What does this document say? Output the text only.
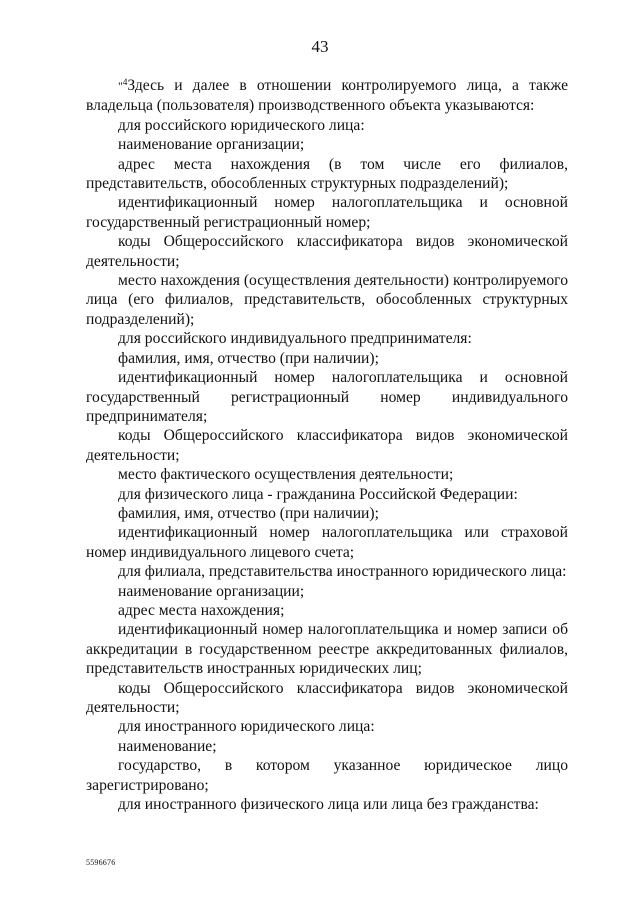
43

"$^4$Здесь и далее в отношении контролируемого лица, а также владельца (пользователя) производственного объекта указываются:

для российского юридического лица:

наименование организации;

адрес места нахождения (в том числе его филиалов, представительств, обособленных структурных подразделений);

идентификационный номер налогоплательщика и основной государственный регистрационный номер;

коды Общероссийского классификатора видов экономической деятельности;

место нахождения (осуществления деятельности) контролируемого лица (его филиалов, представительств, обособленных структурных подразделений);

для российского индивидуального предпринимателя:

фамилия, имя, отчество (при наличии);

идентификационный номер налогоплательщика и основной государственный регистрационный номер индивидуального предпринимателя;

коды Общероссийского классификатора видов экономической деятельности;

место фактического осуществления деятельности;

для физического лица - гражданина Российской Федерации:

фамилия, имя, отчество (при наличии);

идентификационный номер налогоплательщика или страховой номер индивидуального лицевого счета;

для филиала, представительства иностранного юридического лица:

наименование организации;

адрес места нахождения;

идентификационный номер налогоплательщика и номер записи об аккредитации в государственном реестре аккредитованных филиалов, представительств иностранных юридических лиц;

коды Общероссийского классификатора видов экономической деятельности;

для иностранного юридического лица:

наименование;

государство, в котором указанное юридическое лицо зарегистрировано;

для иностранного физического лица или лица без гражданства:

5596676
